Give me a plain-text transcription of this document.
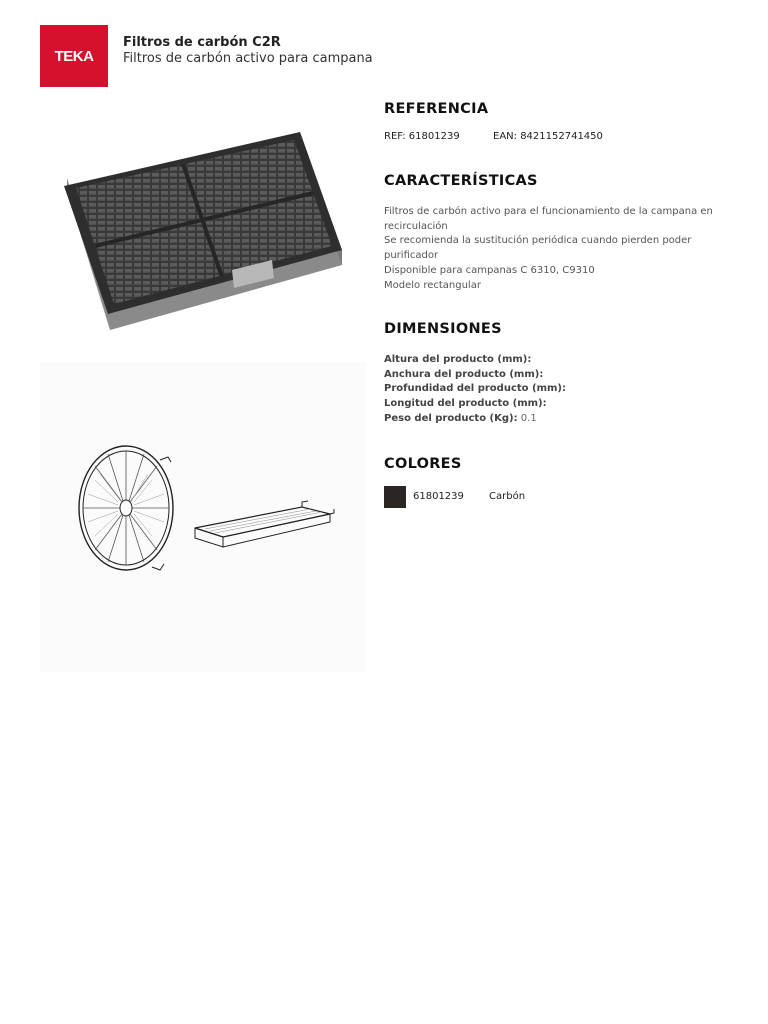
TEKA
Filtros de carbón C2R
Filtros de carbón activo para campana
REFERENCIA
REF: 61801239	EAN: 8421152741450
CARACTERÍSTICAS
Filtros de carbón activo para el funcionamiento de la campana en recirculación
Se recomienda la sustitución periódica cuando pierden poder purificador
Disponible para campanas C 6310, C9310
Modelo rectangular
DIMENSIONES
Altura del producto (mm):
Anchura del producto (mm):
Profundidad del producto (mm):
Longitud del producto (mm):
Peso del producto (Kg): 0.1
COLORES
61801239	Carbón
